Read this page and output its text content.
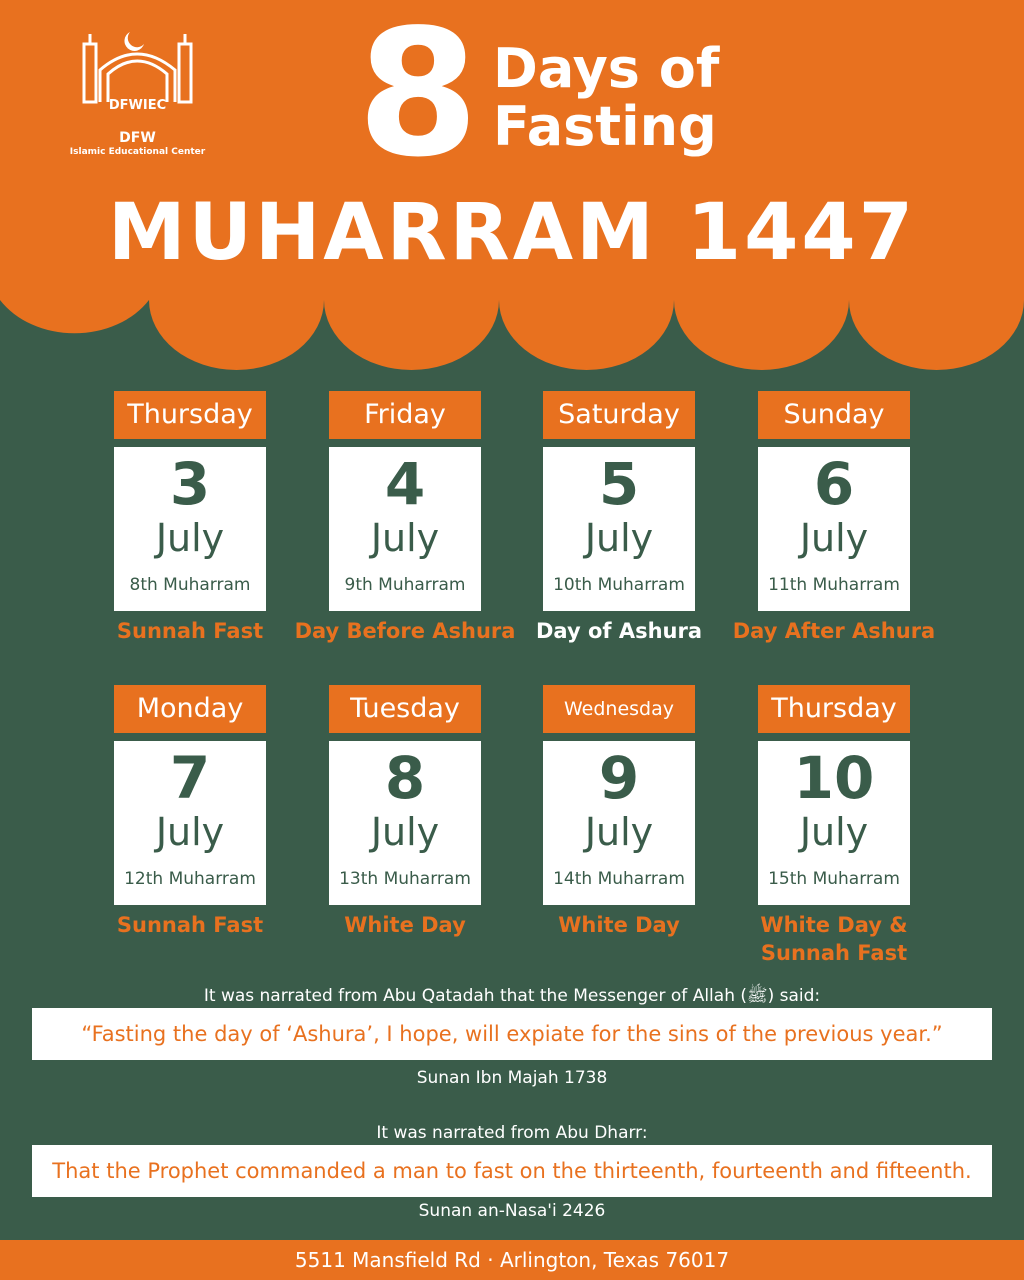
DFWIEC
DFW
Islamic Educational Center 8 Days of
Fasting
MUHARRAM 1447
Thursday
3
July
8th Muharram
Sunnah Fast
Friday
4
July
9th Muharram
Day Before Ashura
Saturday
5
July
10th Muharram
Day of Ashura
Sunday
6
July
11th Muharram
Day After Ashura
Monday
7
July
12th Muharram
Sunnah Fast
Tuesday
8
July
13th Muharram
White Day
Wednesday
9
July
14th Muharram
White Day
Thursday
10
July
15th Muharram
White Day &
Sunnah Fast
It was narrated from Abu Qatadah that the Messenger of Allah (ﷺ) said:
“Fasting the day of ‘Ashura’, I hope, will expiate for the sins of the previous year.”
Sunan Ibn Majah 1738
It was narrated from Abu Dharr:
That the Prophet commanded a man to fast on the thirteenth, fourteenth and fifteenth.
Sunan an-Nasa'i 2426
5511 Mansfield Rd · Arlington, Texas 76017
